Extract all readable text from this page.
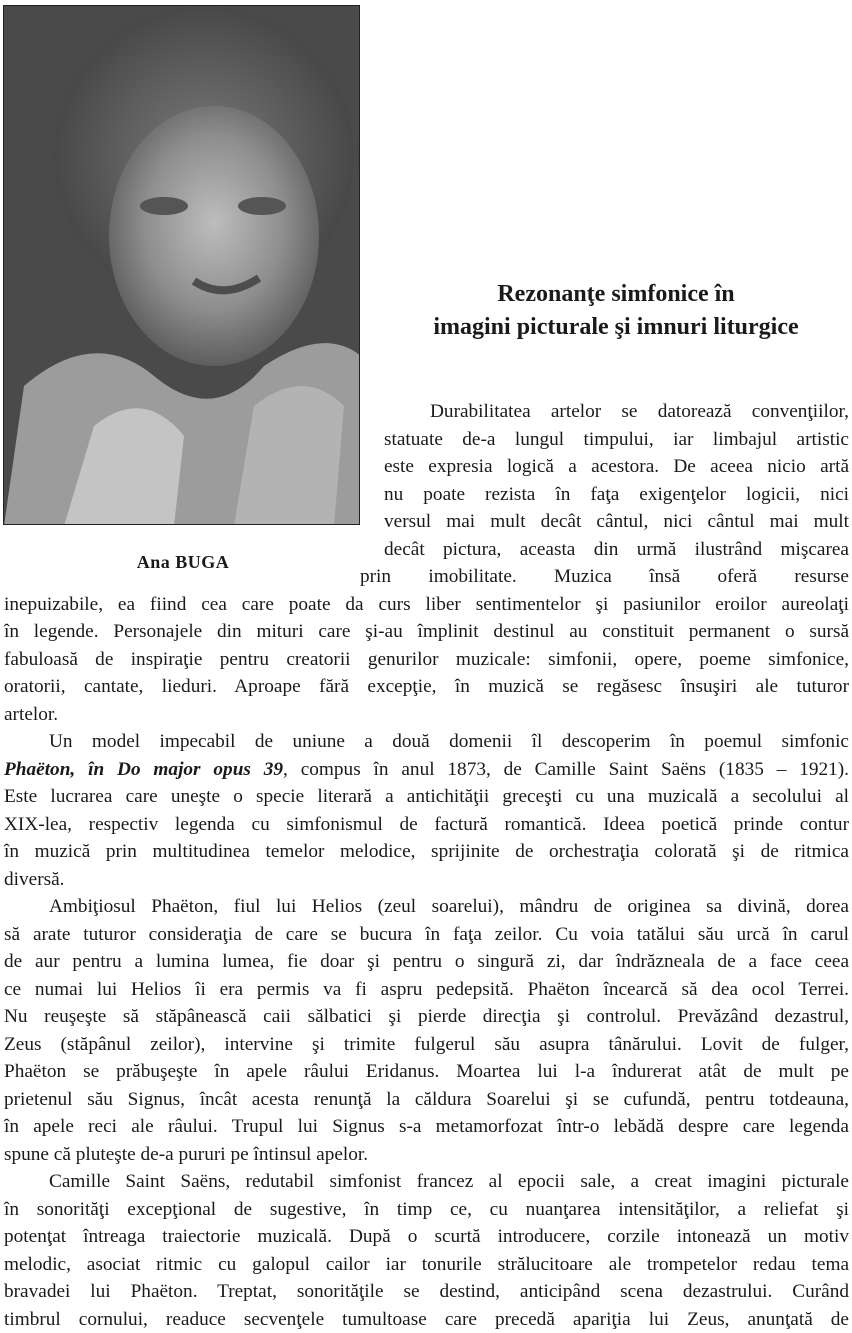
Ana BUGA
Rezonanţe simfonice în
imagini picturale şi imnuri liturgice
Durabilitatea artelor se datorează convenţiilor,
statuate de-a lungul timpului, iar limbajul artistic
este expresia logică a acestora. De aceea nicio artă
nu poate rezista în faţa exigenţelor logicii, nici
versul mai mult decât cântul, nici cântul mai mult
decât pictura, aceasta din urmă ilustrând mişcarea
prin imobilitate. Muzica însă oferă resurse
inepuizabile, ea fiind cea care poate da curs liber sentimentelor şi pasiunilor eroilor aureolaţi
în legende. Personajele din mituri care şi-au împlinit destinul au constituit permanent o sursă
fabuloasă de inspiraţie pentru creatorii genurilor muzicale: simfonii, opere, poeme simfonice,
oratorii, cantate, lieduri. Aproape fără excepţie, în muzică se regăsesc însuşiri ale tuturor
artelor.
Un model impecabil de uniune a două domenii îl descoperim în poemul simfonic
Phaëton, în Do major opus 39, compus în anul 1873, de Camille Saint Saëns (1835 – 1921).
Este lucrarea care uneşte o specie literară a antichităţii greceşti cu una muzicală a secolului al
XIX-lea, respectiv legenda cu simfonismul de factură romantică. Ideea poetică prinde contur
în muzică prin multitudinea temelor melodice, sprijinite de orchestraţia colorată şi de ritmica
diversă.
Ambiţiosul Phaëton, fiul lui Helios (zeul soarelui), mândru de originea sa divină, dorea
să arate tuturor consideraţia de care se bucura în faţa zeilor. Cu voia tatălui său urcă în carul
de aur pentru a lumina lumea, fie doar şi pentru o singură zi, dar îndrăzneala de a face ceea
ce numai lui Helios îi era permis va fi aspru pedepsită. Phaëton încearcă să dea ocol Terrei.
Nu reuşeşte să stăpânească caii sălbatici şi pierde direcţia şi controlul. Prevăzând dezastrul,
Zeus (stăpânul zeilor), intervine şi trimite fulgerul său asupra tânărului. Lovit de fulger,
Phaëton se prăbuşeşte în apele râului Eridanus. Moartea lui l-a îndurerat atât de mult pe
prietenul său Signus, încât acesta renunţă la căldura Soarelui şi se cufundă, pentru totdeauna,
în apele reci ale râului. Trupul lui Signus s-a metamorfozat într-o lebădă despre care legenda
spune că pluteşte de-a pururi pe întinsul apelor.
Camille Saint Saëns, redutabil simfonist francez al epocii sale, a creat imagini picturale
în sonorităţi excepţional de sugestive, în timp ce, cu nuanţarea intensităţilor, a reliefat şi
potenţat întreaga traiectorie muzicală. După o scurtă introducere, corzile intonează un motiv
melodic, asociat ritmic cu galopul cailor iar tonurile strălucitoare ale trompetelor redau tema
bravadei lui Phaëton. Treptat, sonorităţile se destind, anticipând scena dezastrului. Curând
timbrul cornului, readuce secvenţele tumultoase care precedă apariţia lui Zeus, anunţată de
